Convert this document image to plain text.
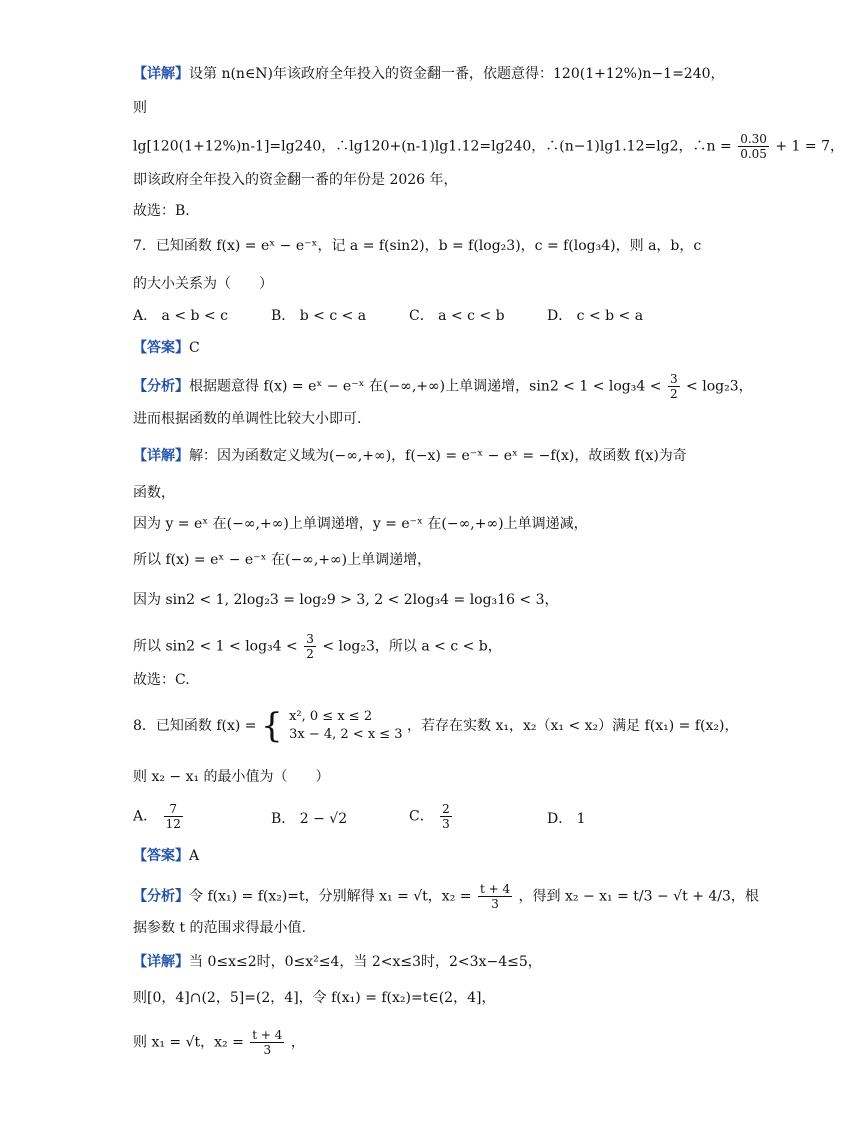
【详解】设第 n(n∈N)年该政府全年投入的资金翻一番，依题意得：120(1+12%)n−1=240，
则
lg[120(1+12%)n-1]=lg240，∴lg120+(n-1)lg1.12=lg240，∴(n−1)lg1.12=lg2，∴n = $\frac{0.30}{0.05} + 1 = 7$，
即该政府全年投入的资金翻一番的年份是 2026 年，
故选：B.
7．已知函数 f(x) = eˣ − e⁻ˣ，记 a = f(sin2)，b = f(log₂3)，c = f(log₃4)，则 a，b，c
的大小关系为（　　）
A． a < b < c	B． b < c < a	C． a < c < b	D． c < b < a
【答案】C
【分析】根据题意得 f(x) = eˣ − e⁻ˣ 在(−∞,+∞)上单调递增，$\sin 2 < 1 < \log_34 < \frac{3}{2} < \log_23$，
进而根据函数的单调性比较大小即可.
【详解】解：因为函数定义域为(−∞,+∞)，f(−x) = e⁻ˣ − eˣ = −f(x)，故函数 f(x)为奇
函数，
因为 y = eˣ 在(−∞,+∞)上单调递增，y = e⁻ˣ 在(−∞,+∞)上单调递减，
所以 f(x) = eˣ − e⁻ˣ 在(−∞,+∞)上单调递增，
因为 sin2 < 1, 2log₂3 = log₂9 > 3, 2 < 2log₃4 = log₃16 < 3，
所以 $\sin 2 < 1 < \log_34 < \frac{3}{2} < \log_23$，所以 a < c < b，
故选：C.
8．已知函数 f(x) = { x², 0 ≤ x ≤ 2
3x − 4, 2 < x ≤ 3
，若存在实数 x₁，x₂（x₁ < x₂）满足 f(x₁) = f(x₂)，
则 x₂ − x₁ 的最小值为（　　）
A． $\frac{7}{12}$	B． 2 − √2	C． $\frac{2}{3}$	D． 1
【答案】A
【分析】令 f(x₁) = f(x₂)=t，分别解得 x₁ = √t，$x_2 = \frac{t + 4}{3}$ ，得到 x₂ − x₁ = t/3 − √t + 4/3，根
据参数 t 的范围求得最小值.
【详解】当 0≤x≤2时，0≤x²≤4，当 2<x≤3时，2<3x−4≤5，
则[0，4]∩(2，5]=(2，4]，令 f(x₁) = f(x₂)=t∈(2，4]，
则 x₁ = √t，$x_2 = \frac{t + 4}{3}$ ，
